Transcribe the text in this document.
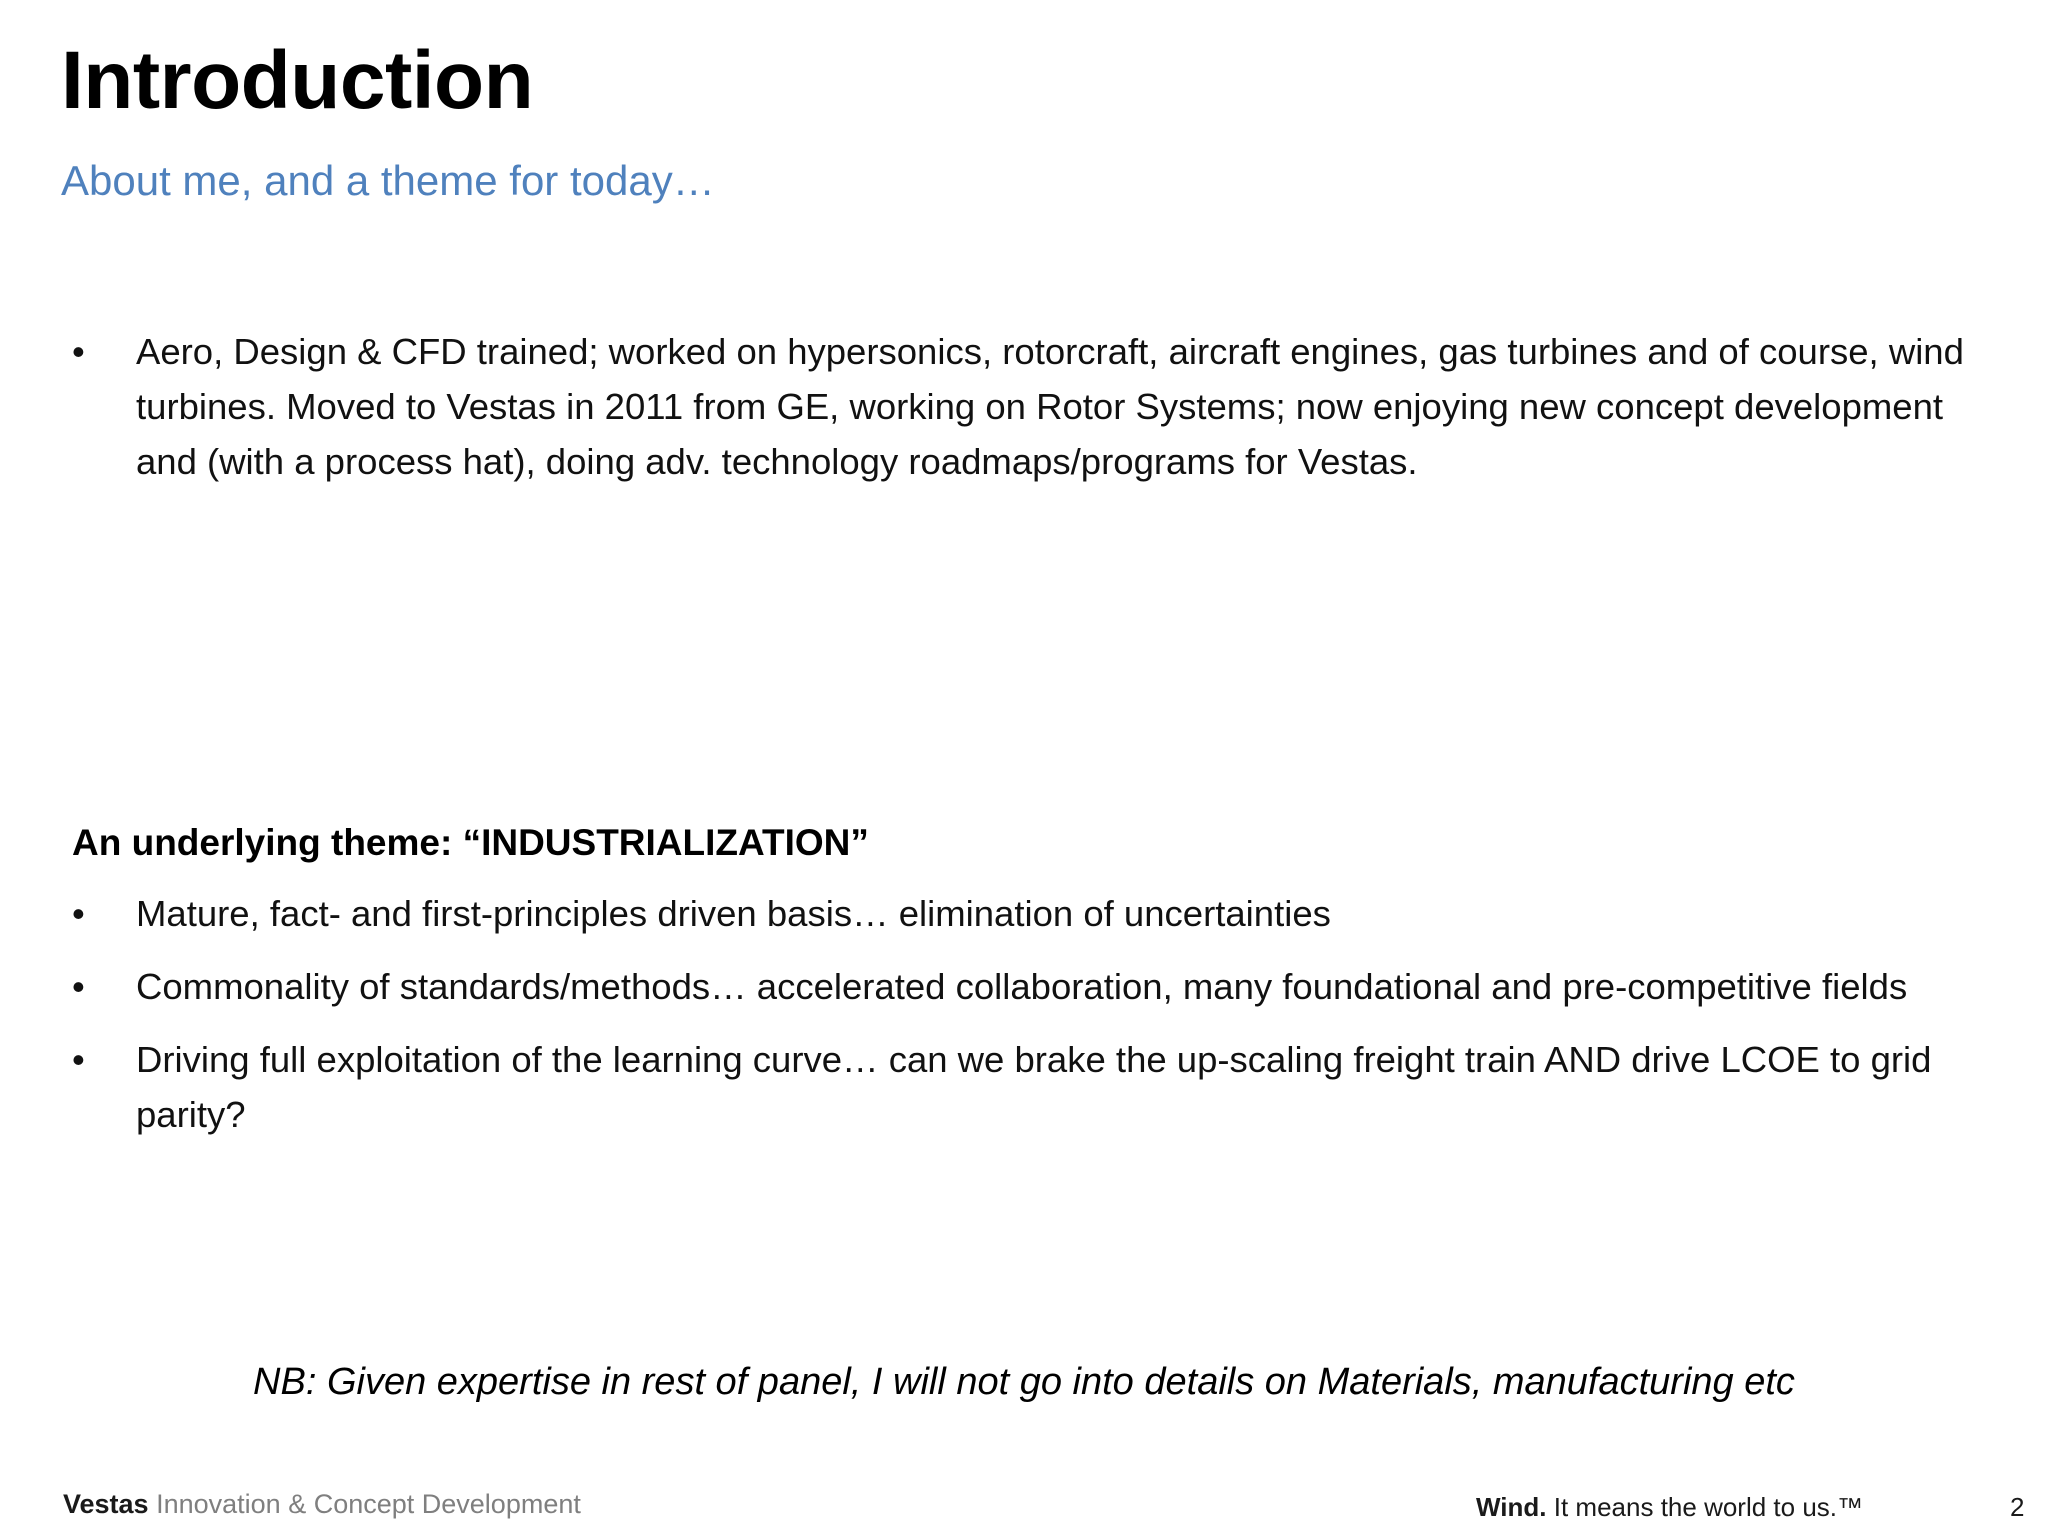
Introduction
About me, and a theme for today…
•	Aero, Design & CFD trained; worked on hypersonics, rotorcraft, aircraft engines, gas turbines and of course, wind turbines. Moved to Vestas in 2011 from GE, working on Rotor Systems; now enjoying new concept development and (with a process hat), doing adv. technology roadmaps/programs for Vestas.
An underlying theme: “INDUSTRIALIZATION”
•	Mature, fact- and first-principles driven basis… elimination of uncertainties
•	Commonality of standards/methods… accelerated collaboration, many foundational and pre-competitive fields
•	Driving full exploitation of the learning curve… can we brake the up-scaling freight train AND drive LCOE to grid parity?
NB: Given expertise in rest of panel, I will not go into details on Materials, manufacturing etc
Vestas Innovation & Concept Development	Wind. It means the world to us.™	2
